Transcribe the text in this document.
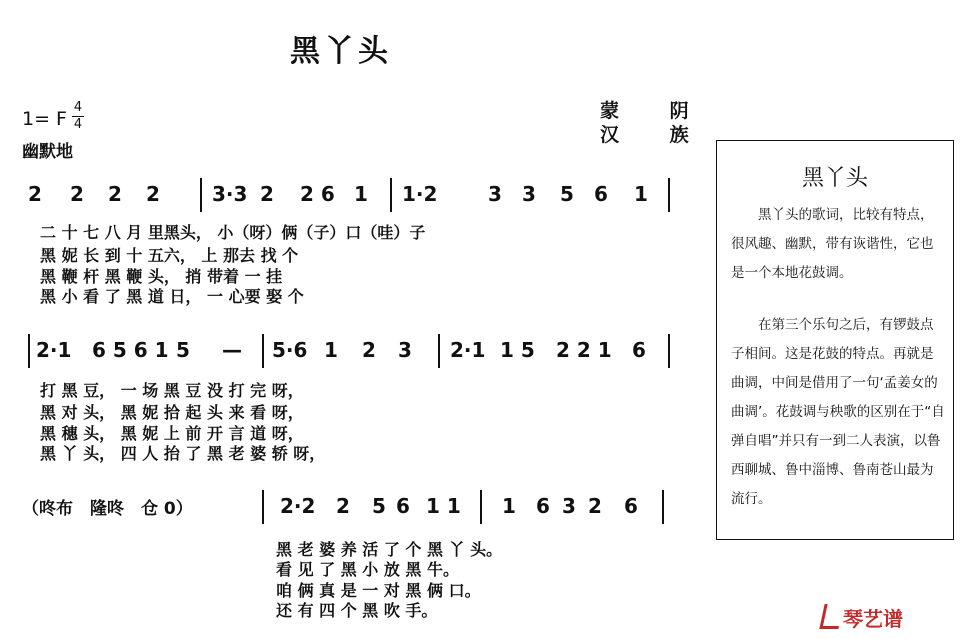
黑丫头
1= F
4
4
幽默地
蒙 阴
汉 族
2 2 2 2	3·3 2 2 6 1 1·2	3 3 5 6 1
二 十 七 八 月 里黑头， 小（呀）俩（子）口（哇）子
黑 妮 长 到 十 五六， 上 那去 找 个
黑 鞭 杆 黑 鞭 头， 捎 带着 一 挂
黑 小 看 了 黑 道 日， 一 心要 娶 个
2·1 6 5 6 1 5 — 5·6 1 2 3 2·1 1 5 2 2 1 6
打 黑 豆， 一 场 黑 豆 没 打 完 呀，
黑 对 头， 黑 妮 拾 起 头 来 看 呀，
黑 穗 头， 黑 妮 上 前 开 言 道 呀，
黑 丫 头， 四 人 抬 了 黑 老 婆 轿 呀，
（咚布　隆咚　仓 0）	2·2 2 5 6 1 1 1 6 3 2 6
黑 老 婆 养 活 了 个 黑 丫 头。
看 见 了 黑 小 放 黑 牛。
咱 俩 真 是 一 对 黑 俩 口。
还 有 四 个 黑 吹 手。
黑丫头
黑丫头的歌词，比较有特点，很风趣、幽默，带有诙谐性，它也是一个本地花鼓调。
在第三个乐句之后，有锣鼓点子相间。这是花鼓的特点。再就是曲调，中间是借用了一句‘孟姜女的曲调’。花鼓调与秧歌的区别在于“自弹自唱”并只有一到二人表演，以鲁西聊城、鲁中淄博、鲁南苍山最为流行。
琴艺谱
